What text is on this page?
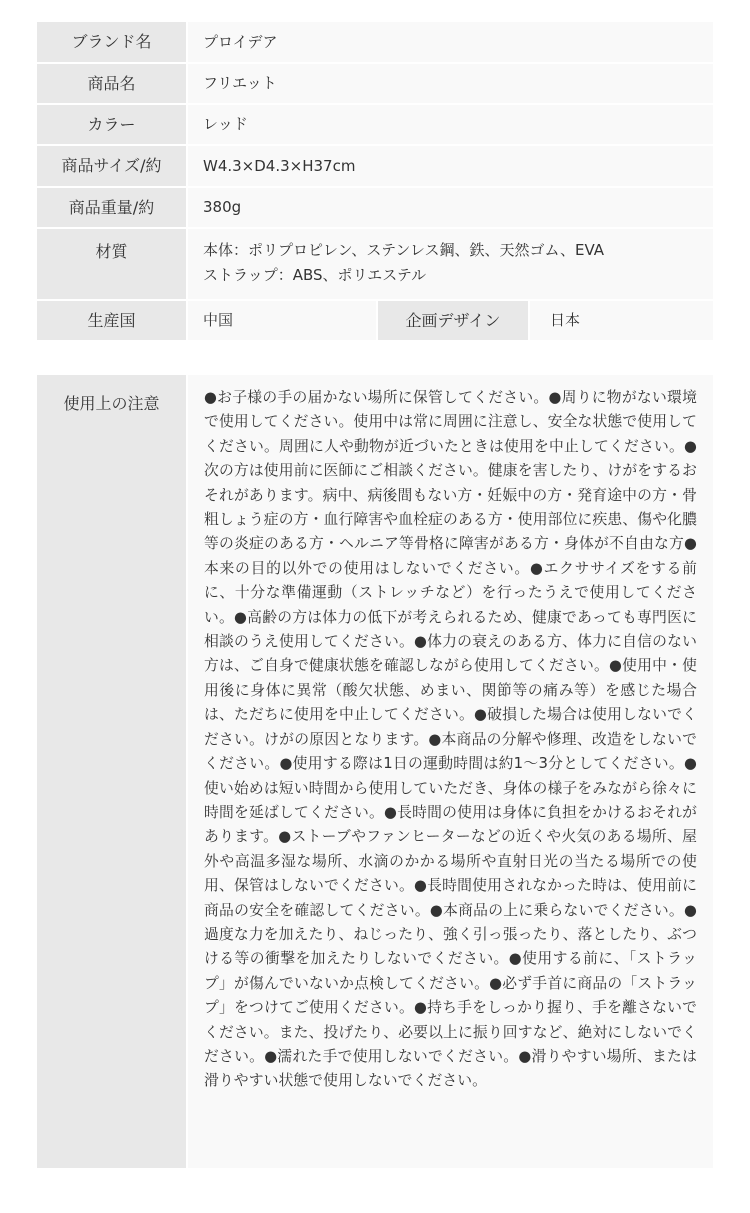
ブランド名	プロイデア
商品名	フリエット
カラー	レッド
商品サイズ/約	W4.3×D4.3×H37cm
商品重量/約	380g
材質	本体：ポリプロピレン、ステンレス鋼、鉄、天然ゴム、EVA
ストラップ：ABS、ポリエステル
生産国	中国	企画デザイン	日本
使用上の注意	●お子様の手の届かない場所に保管してください。●周りに物がない環境で使用してください。使用中は常に周囲に注意し、安全な状態で使用してください。周囲に人や動物が近づいたときは使用を中止してください。●次の方は使用前に医師にご相談ください。健康を害したり、けがをするおそれがあります。病中、病後間もない方・妊娠中の方・発育途中の方・骨粗しょう症の方・血行障害や血栓症のある方・使用部位に疾患、傷や化膿等の炎症のある方・ヘルニア等骨格に障害がある方・身体が不自由な方●本来の目的以外での使用はしないでください。●エクササイズをする前に、十分な準備運動（ストレッチなど）を行ったうえで使用してください。●高齢の方は体力の低下が考えられるため、健康であっても専門医に相談のうえ使用してください。●体力の衰えのある方、体力に自信のない方は、ご自身で健康状態を確認しながら使用してください。●使用中・使用後に身体に異常（酸欠状態、めまい、関節等の痛み等）を感じた場合は、ただちに使用を中止してください。●破損した場合は使用しないでください。けがの原因となります。●本商品の分解や修理、改造をしないでください。●使用する際は1日の運動時間は約1～3分としてください。●使い始めは短い時間から使用していただき、身体の様子をみながら徐々に時間を延ばしてください。●長時間の使用は身体に負担をかけるおそれがあります。●ストーブやファンヒーターなどの近くや火気のある場所、屋外や高温多湿な場所、水滴のかかる場所や直射日光の当たる場所での使用、保管はしないでください。●長時間使用されなかった時は、使用前に商品の安全を確認してください。●本商品の上に乗らないでください。●過度な力を加えたり、ねじったり、強く引っ張ったり、落としたり、ぶつける等の衝撃を加えたりしないでください。●使用する前に、「ストラップ」が傷んでいないか点検してください。●必ず手首に商品の「ストラップ」をつけてご使用ください。●持ち手をしっかり握り、手を離さないでください。また、投げたり、必要以上に振り回すなど、絶対にしないでください。●濡れた手で使用しないでください。●滑りやすい場所、または滑りやすい状態で使用しないでください。
